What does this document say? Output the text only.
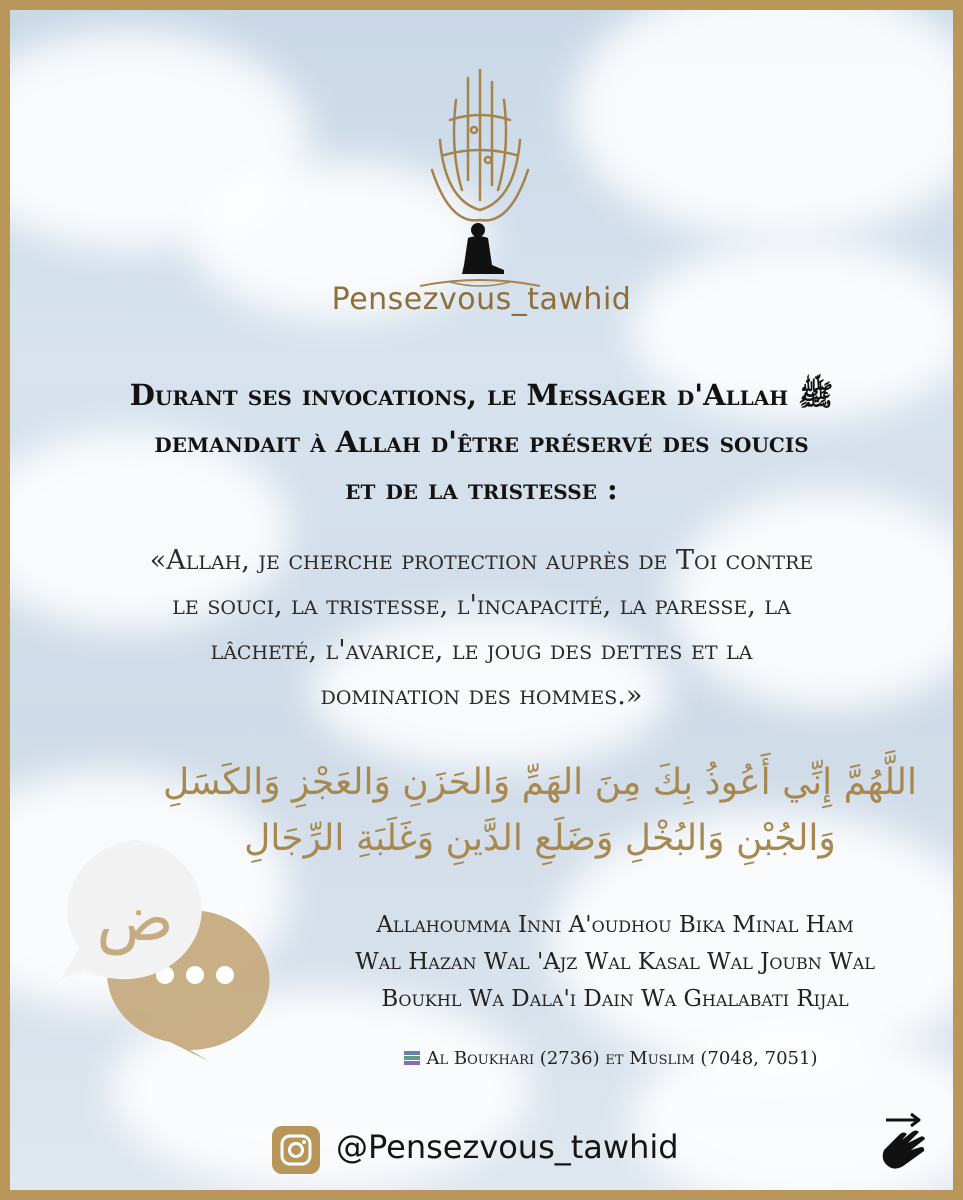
Pensezvous_tawhid
Durant ses invocations, le Messager d'Allah ﷺ
demandait à Allah d'être préservé des soucis
et de la tristesse :
«Allah, je cherche protection auprès de Toi contre
le souci, la tristesse, l'incapacité, la paresse, la
lâcheté, l'avarice, le joug des dettes et la
domination des hommes.»
اللَّهُمَّ إِنِّي أَعُوذُ بِكَ مِنَ الهَمِّ وَالحَزَنِ وَالعَجْزِ وَالكَسَلِ
وَالجُبْنِ وَالبُخْلِ وَضَلَعِ الدَّينِ وَغَلَبَةِ الرِّجَالِ
ض	Allahoumma Inni A'oudhou Bika Minal Ham
Wal Hazan Wal 'Ajz Wal Kasal Wal Joubn Wal
Boukhl Wa Dala'i Dain Wa Ghalabati Rijal
Al Boukhari (2736) et Muslim (7048, 7051)
@Pensezvous_tawhid
